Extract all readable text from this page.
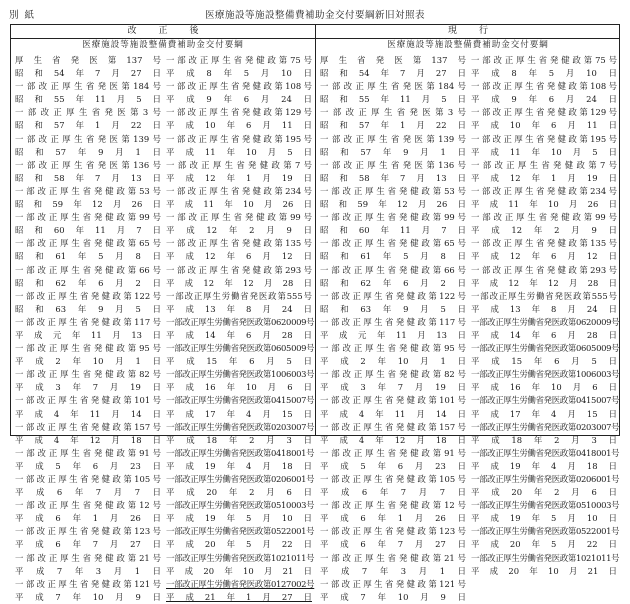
別紙	医療施設等施設整備費補助金交付要綱新旧対照表
改正後
医療施設等施設整備費補助金交付要綱
厚生省発医第137号
昭和54年7月27日
一部改正厚生省発医第184号
昭和55年11月5日
一部改正厚生省発医第3号
昭和57年1月22日
一部改正厚生省発医第139号
昭和57年9月1日
一部改正厚生省発医第136号
昭和58年7月13日
一部改正厚生省発健政第53号
昭和59年12月26日
一部改正厚生省発健政第99号
昭和60年11月7日
一部改正厚生省発健政第65号
昭和61年5月8日
一部改正厚生省発健政第66号
昭和62年6月2日
一部改正厚生省発健政第122号
昭和63年9月5日
一部改正厚生省発健政第117号
平成元年11月13日
一部改正厚生省発健政第95号
平成2年10月1日
一部改正厚生省発健政第82号
平成3年7月19日
一部改正厚生省発健政第101号
平成4年11月14日
一部改正厚生省発健政第157号
平成4年12月18日
一部改正厚生省発健政第91号
平成5年6月23日
一部改正厚生省発健政第105号
平成6年7月7日
一部改正厚生省発健政第12号
平成6年1月26日
一部改正厚生省発健政第123号
平成6年7月27日
一部改正厚生省発健政第21号
平成7年3月1日
一部改正厚生省発健政第121号
平成7年10月9日
一部改正厚生省発健政第75号
平成8年5月10日
一部改正厚生省発健政第108号
平成9年6月24日
一部改正厚生省発健政第129号
平成10年6月11日
一部改正厚生省発健政第195号
平成11年10月5日
一部改正厚生省発健政第7号
平成12年1月19日
一部改正厚生省発健政第234号
平成11年10月26日
一部改正厚生省発健政第99号
平成12年2月9日
一部改正厚生省発健政第135号
平成12年6月12日
一部改正厚生省発健政第293号
平成12年12月28日
一部改正厚生労働省発医政第555号
平成13年8月24日
一部改正厚生労働省発医政第0620009号
平成14年6月28日
一部改正厚生労働省発医政第0605009号
平成15年6月5日
一部改正厚生労働省発医政第1006003号
平成16年10月6日
一部改正厚生労働省発医政第0415007号
平成17年4月15日
一部改正厚生労働省発医政第0203007号
平成18年2月3日
一部改正厚生労働省発医政第0418001号
平成19年4月18日
一部改正厚生労働省発医政第0206001号
平成20年2月6日
一部改正厚生労働省発医政第0510003号
平成19年5月10日
一部改正厚生労働省発医政第0522001号
平成20年5月22日
一部改正厚生労働省発医政第1021011号
平成20年10月21日
一部改正厚生労働省発医政第0127002号
平成21年1月27日
現行
医療施設等施設整備費補助金交付要綱
厚生省発医第137号
昭和54年7月27日
一部改正厚生省発医第184号
昭和55年11月5日
一部改正厚生省発医第3号
昭和57年1月22日
一部改正厚生省発医第139号
昭和57年9月1日
一部改正厚生省発医第136号
昭和58年7月13日
一部改正厚生省発健政第53号
昭和59年12月26日
一部改正厚生省発健政第99号
昭和60年11月7日
一部改正厚生省発健政第65号
昭和61年5月8日
一部改正厚生省発健政第66号
昭和62年6月2日
一部改正厚生省発健政第122号
昭和63年9月5日
一部改正厚生省発健政第117号
平成元年11月13日
一部改正厚生省発健政第95号
平成2年10月1日
一部改正厚生省発健政第82号
平成3年7月19日
一部改正厚生省発健政第101号
平成4年11月14日
一部改正厚生省発健政第157号
平成4年12月18日
一部改正厚生省発健政第91号
平成5年6月23日
一部改正厚生省発健政第105号
平成6年7月7日
一部改正厚生省発健政第12号
平成6年1月26日
一部改正厚生省発健政第123号
平成6年7月27日
一部改正厚生省発健政第21号
平成7年3月1日
一部改正厚生省発健政第121号
平成7年10月9日
一部改正厚生省発健政第75号
平成8年5月10日
一部改正厚生省発健政第108号
平成9年6月24日
一部改正厚生省発健政第129号
平成10年6月11日
一部改正厚生省発健政第195号
平成11年10月5日
一部改正厚生省発健政第7号
平成12年1月19日
一部改正厚生省発健政第234号
平成11年10月26日
一部改正厚生省発健政第99号
平成12年2月9日
一部改正厚生省発健政第135号
平成12年6月12日
一部改正厚生省発健政第293号
平成12年12月28日
一部改正厚生労働省発医政第555号
平成13年8月24日
一部改正厚生労働省発医政第0620009号
平成14年6月28日
一部改正厚生労働省発医政第0605009号
平成15年6月5日
一部改正厚生労働省発医政第1006003号
平成16年10月6日
一部改正厚生労働省発医政第0415007号
平成17年4月15日
一部改正厚生労働省発医政第0203007号
平成18年2月3日
一部改正厚生労働省発医政第0418001号
平成19年4月18日
一部改正厚生労働省発医政第0206001号
平成20年2月6日
一部改正厚生労働省発医政第0510003号
平成19年5月10日
一部改正厚生労働省発医政第0522001号
平成20年5月22日
一部改正厚生労働省発医政第1021011号
平成20年10月21日
